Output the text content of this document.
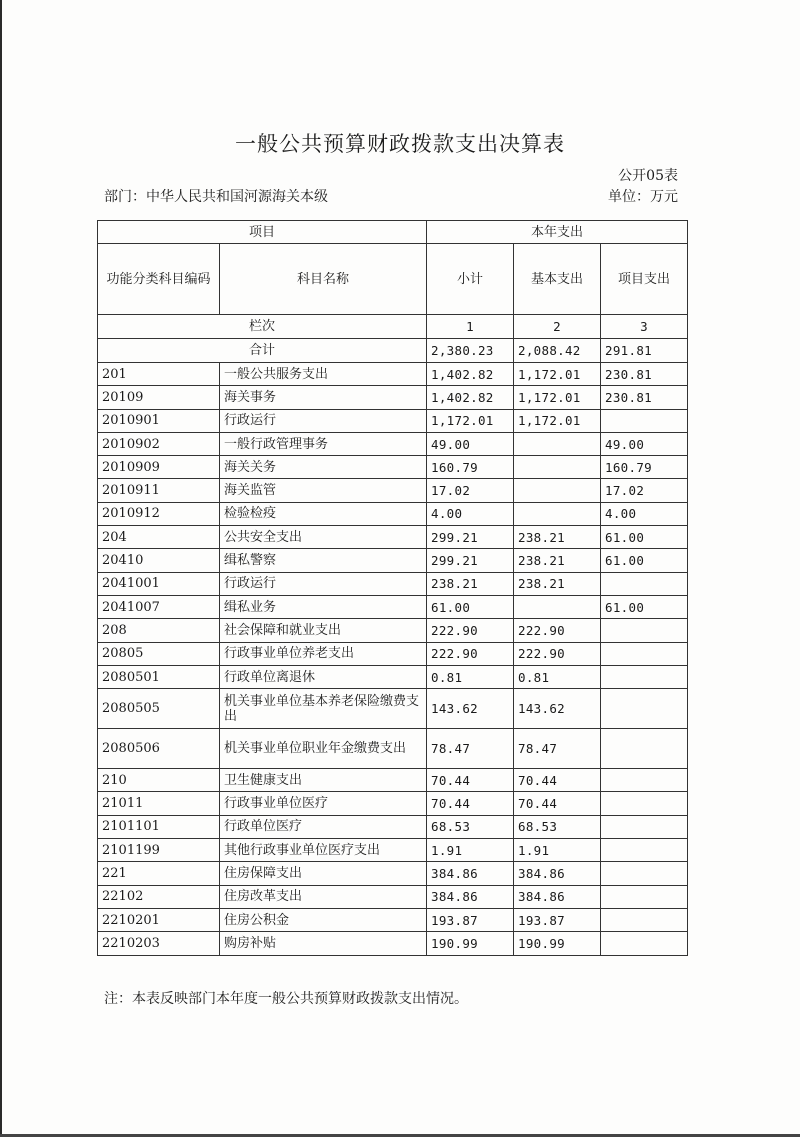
一般公共预算财政拨款支出决算表
公开05表
部门：中华人民共和国河源海关本级	单位：万元
项目		本年支出		
功能分类科目编码	科目名称	小计	基本支出	项目支出
栏次		1	2	3
合计		2,380.23	2,088.42	291.81
201	一般公共服务支出	1,402.82	1,172.01	230.81
20109	海关事务	1,402.82	1,172.01	230.81
2010901	行政运行	1,172.01	1,172.01	
2010902	一般行政管理事务	49.00		49.00
2010909	海关关务	160.79		160.79
2010911	海关监管	17.02		17.02
2010912	检验检疫	4.00		4.00
204	公共安全支出	299.21	238.21	61.00
20410	缉私警察	299.21	238.21	61.00
2041001	行政运行	238.21	238.21	
2041007	缉私业务	61.00		61.00
208	社会保障和就业支出	222.90	222.90	
20805	行政事业单位养老支出	222.90	222.90	
2080501	行政单位离退休	0.81	0.81	
2080505	机关事业单位基本养老保险缴费支出	143.62	143.62	
2080506	机关事业单位职业年金缴费支出	78.47	78.47	
210	卫生健康支出	70.44	70.44	
21011	行政事业单位医疗	70.44	70.44	
2101101	行政单位医疗	68.53	68.53	
2101199	其他行政事业单位医疗支出	1.91	1.91	
221	住房保障支出	384.86	384.86	
22102	住房改革支出	384.86	384.86	
2210201	住房公积金	193.87	193.87	
2210203	购房补贴	190.99	190.99	
注：本表反映部门本年度一般公共预算财政拨款支出情况。
